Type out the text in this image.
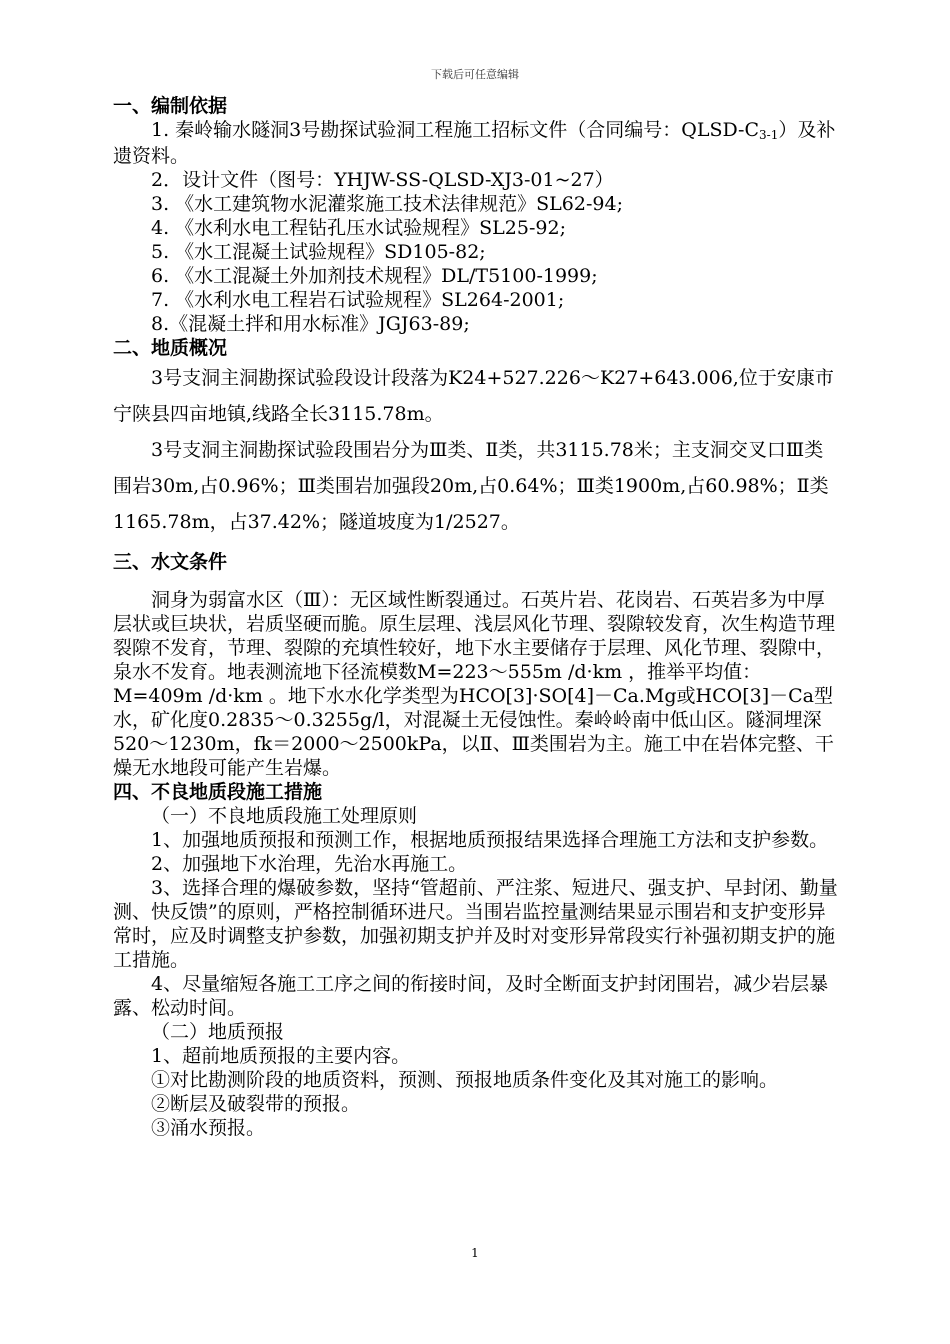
下载后可任意编辑

一、编制依据

1. 秦岭输水隧洞3号勘探试验洞工程施工招标文件（合同编号：QLSD-C3-1）及补遗资料。

2．设计文件（图号：YHJW-SS-QLSD-XJ3-01~27）

3. 《水工建筑物水泥灌浆施工技术法律规范》SL62-94;

4. 《水利水电工程钻孔压水试验规程》SL25-92;

5. 《水工混凝土试验规程》SD105-82;

6. 《水工混凝土外加剂技术规程》DL/T5100-1999;

7. 《水利水电工程岩石试验规程》SL264-2001;

8.《混凝土拌和用水标准》JGJ63-89;

二、地质概况

3号支洞主洞勘探试验段设计段落为K24+527.226～K27+643.006,位于安康市宁陕县四亩地镇,线路全长3115.78m。

3号支洞主洞勘探试验段围岩分为Ⅲ类、Ⅱ类，共3115.78米；主支洞交叉口Ⅲ类围岩30m,占0.96%；Ⅲ类围岩加强段20m,占0.64%；Ⅲ类1900m,占60.98%；Ⅱ类1165.78m，占37.42%；隧道坡度为1/2527。

三、水文条件

洞身为弱富水区（Ⅲ）：无区域性断裂通过。石英片岩、花岗岩、石英岩多为中厚层状或巨块状，岩质坚硬而脆。原生层理、浅层风化节理、裂隙较发育，次生构造节理裂隙不发育，节理、裂隙的充填性较好，地下水主要储存于层理、风化节理、裂隙中，泉水不发育。地表测流地下径流模数M=223～555m /d·km ，推举平均值：M=409m /d·km 。地下水水化学类型为HCO[3]·SO[4]－Ca.Mg或HCO[3]－Ca型水，矿化度0.2835～0.3255g/l，对混凝土无侵蚀性。秦岭岭南中低山区。隧洞埋深520～1230m，fk＝2000～2500kPa，以Ⅱ、Ⅲ类围岩为主。施工中在岩体完整、干燥无水地段可能产生岩爆。

四、不良地质段施工措施

（一）不良地质段施工处理原则

1、加强地质预报和预测工作，根据地质预报结果选择合理施工方法和支护参数。

2、加强地下水治理，先治水再施工。

3、选择合理的爆破参数，坚持“管超前、严注浆、短进尺、强支护、早封闭、勤量测、快反馈”的原则，严格控制循环进尺。当围岩监控量测结果显示围岩和支护变形异常时，应及时调整支护参数，加强初期支护并及时对变形异常段实行补强初期支护的施工措施。

4、尽量缩短各施工工序之间的衔接时间，及时全断面支护封闭围岩，减少岩层暴露、松动时间。

（二）地质预报

1、超前地质预报的主要内容。

①对比勘测阶段的地质资料，预测、预报地质条件变化及其对施工的影响。

②断层及破裂带的预报。

③涌水预报。

1
